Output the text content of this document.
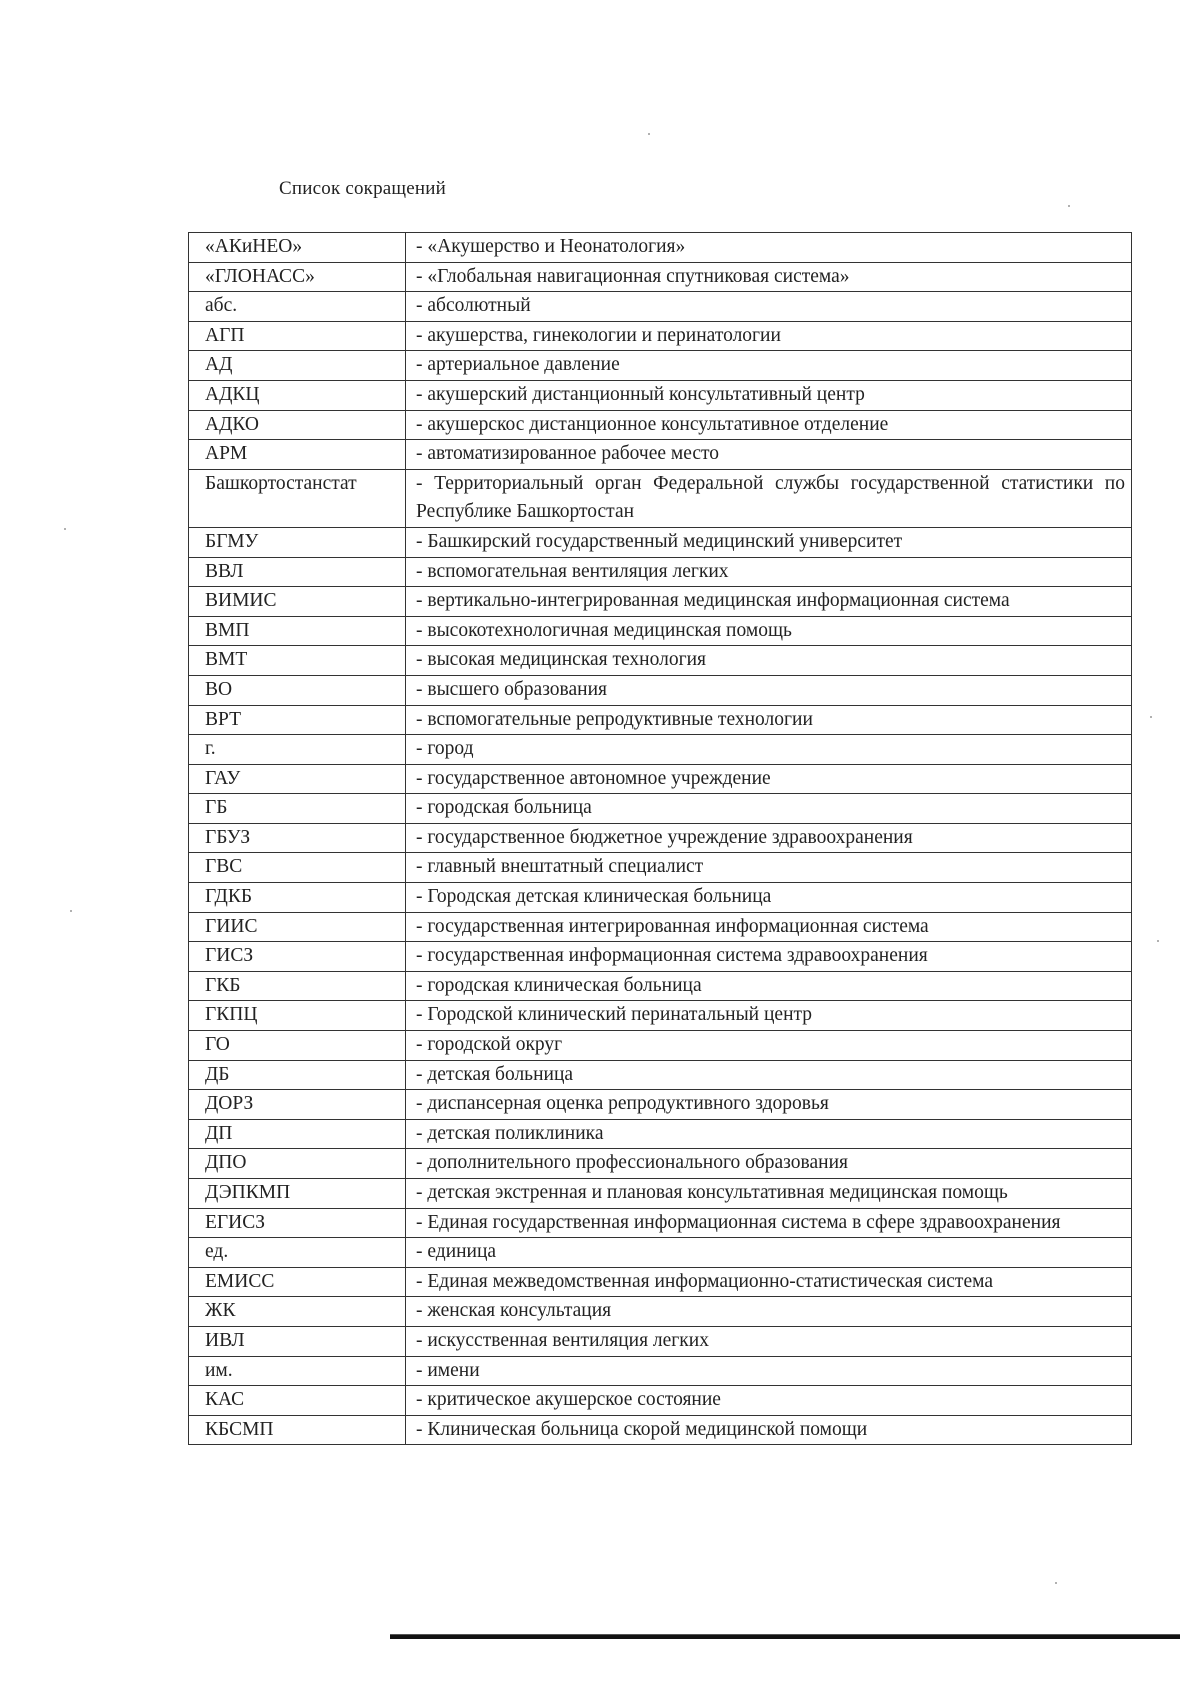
Список сокращений
«АКиНЕО»	- «Акушерство и Неонатология»
«ГЛОНАСС»	- «Глобальная навигационная спутниковая система»
абс.	- абсолютный
АГП	- акушерства, гинекологии и перинатологии
АД	- артериальное давление
АДКЦ	- акушерский дистанционный консультативный центр
АДКО	- акушерскос дистанционное консультативное отделение
АРМ	- автоматизированное рабочее место
Башкортостанстат	- Территориальный орган Федеральной службы государственной статистики по Республике Башкортостан
БГМУ	- Башкирский государственный медицинский университет
ВВЛ	- вспомогательная вентиляция легких
ВИМИС	- вертикально-интегрированная медицинская информационная система
ВМП	- высокотехнологичная медицинская помощь
ВМТ	- высокая медицинская технология
ВО	- высшего образования
ВРТ	- вспомогательные репродуктивные технологии
г.	- город
ГАУ	- государственное автономное учреждение
ГБ	- городская больница
ГБУЗ	- государственное бюджетное учреждение здравоохранения
ГВС	- главный внештатный специалист
ГДКБ	- Городская детская клиническая больница
ГИИС	- государственная интегрированная информационная система
ГИСЗ	- государственная информационная система здравоохранения
ГКБ	- городская клиническая больница
ГКПЦ	- Городской клинический перинатальный центр
ГО	- городской округ
ДБ	- детская больница
ДОРЗ	- диспансерная оценка репродуктивного здоровья
ДП	- детская поликлиника
ДПО	- дополнительного профессионального образования
ДЭПКМП	- детская экстренная и плановая консультативная медицинская помощь
ЕГИСЗ	- Единая государственная информационная система в сфере здравоохранения
ед.	- единица
ЕМИСС	- Единая межведомственная информационно-статистическая система
ЖК	- женская консультация
ИВЛ	- искусственная вентиляция легких
им.	- имени
КАС	- критическое акушерское состояние
КБСМП	- Клиническая больница скорой медицинской помощи
